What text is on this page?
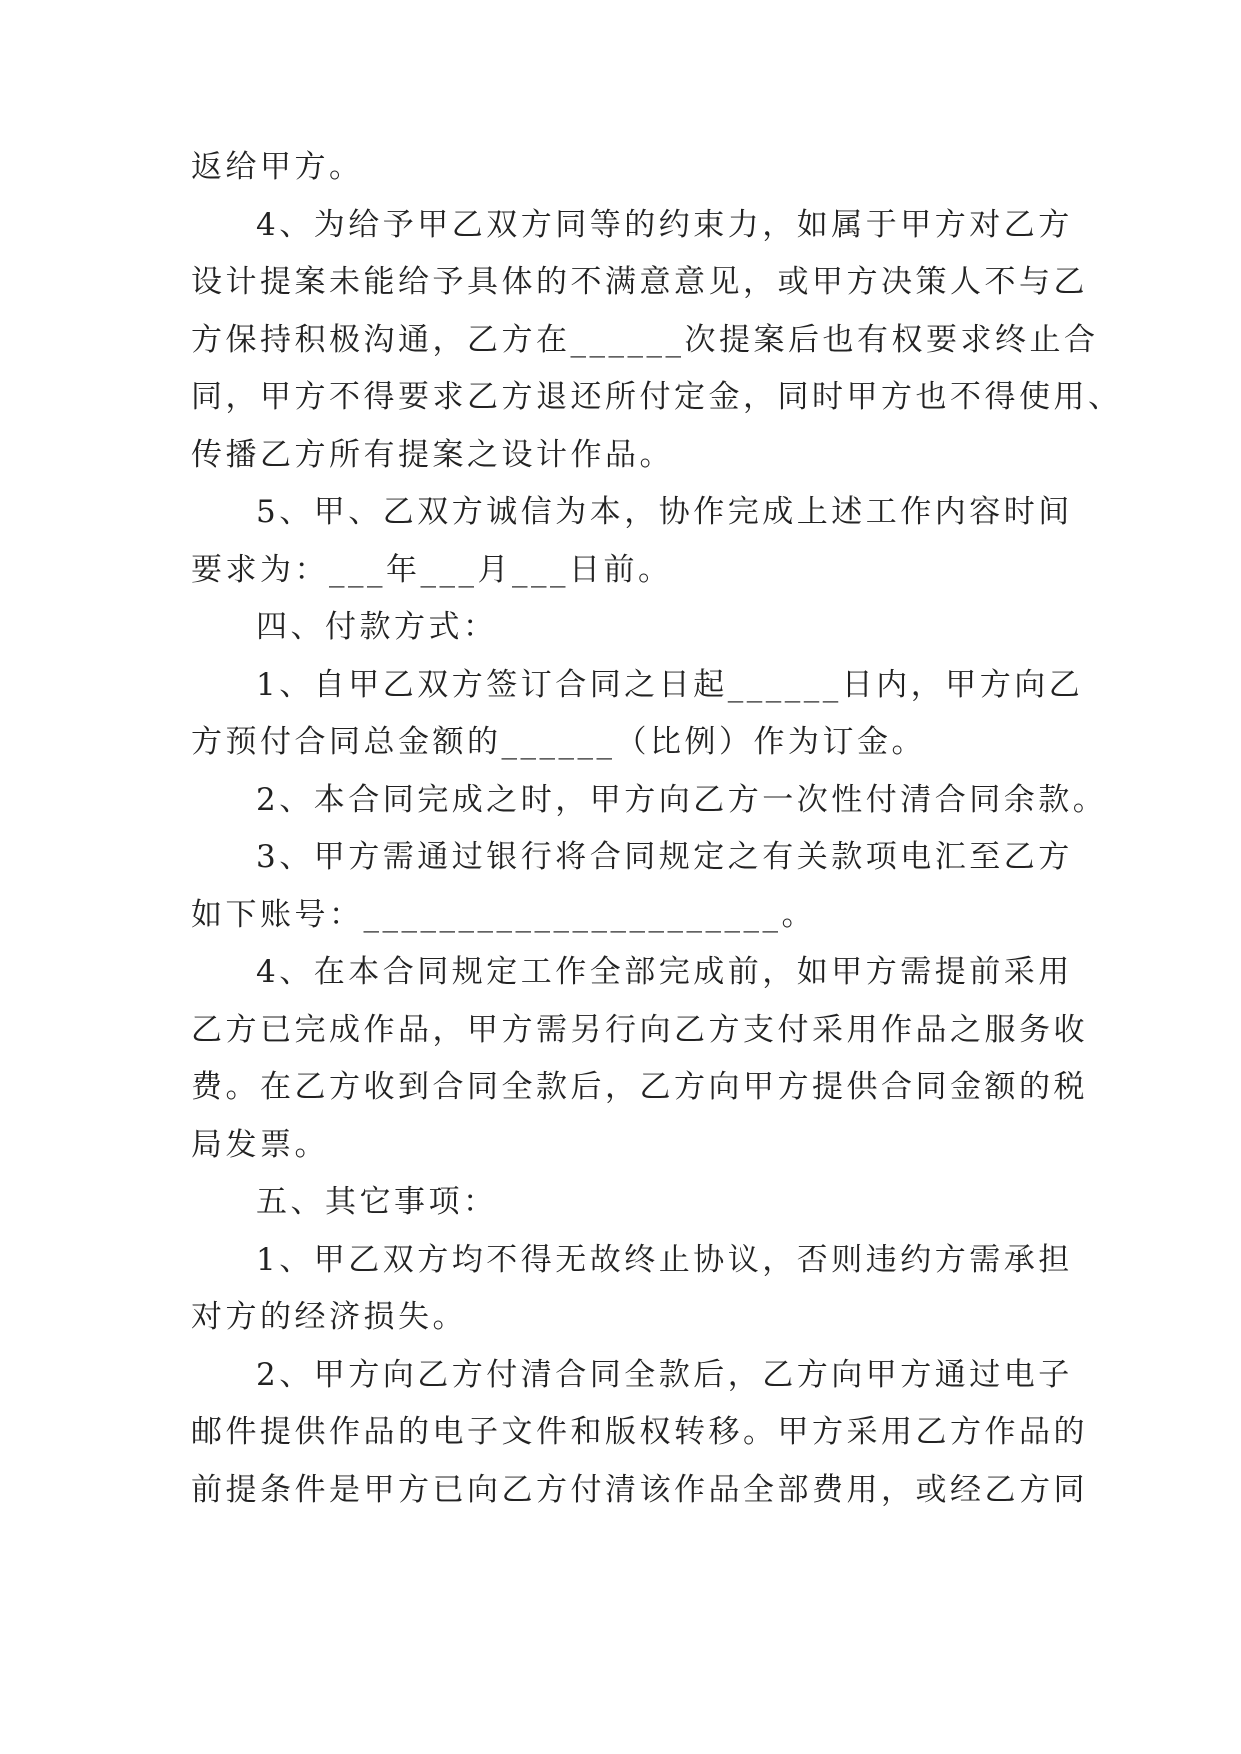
返给甲方。
4、为给予甲乙双方同等的约束力，如属于甲方对乙方
设计提案未能给予具体的不满意意见，或甲方决策人不与乙
方保持积极沟通，乙方在______次提案后也有权要求终止合
同，甲方不得要求乙方退还所付定金，同时甲方也不得使用、
传播乙方所有提案之设计作品。
5、甲、乙双方诚信为本，协作完成上述工作内容时间
要求为：___年___月___日前。
四、付款方式：
1、自甲乙双方签订合同之日起______日内，甲方向乙
方预付合同总金额的______（比例）作为订金。
2、本合同完成之时，甲方向乙方一次性付清合同余款。
3、甲方需通过银行将合同规定之有关款项电汇至乙方
如下账号：______________________。
4、在本合同规定工作全部完成前，如甲方需提前采用
乙方已完成作品，甲方需另行向乙方支付采用作品之服务收
费。在乙方收到合同全款后，乙方向甲方提供合同金额的税
局发票。
五、其它事项：
1、甲乙双方均不得无故终止协议，否则违约方需承担
对方的经济损失。
2、甲方向乙方付清合同全款后，乙方向甲方通过电子
邮件提供作品的电子文件和版权转移。甲方采用乙方作品的
前提条件是甲方已向乙方付清该作品全部费用，或经乙方同
